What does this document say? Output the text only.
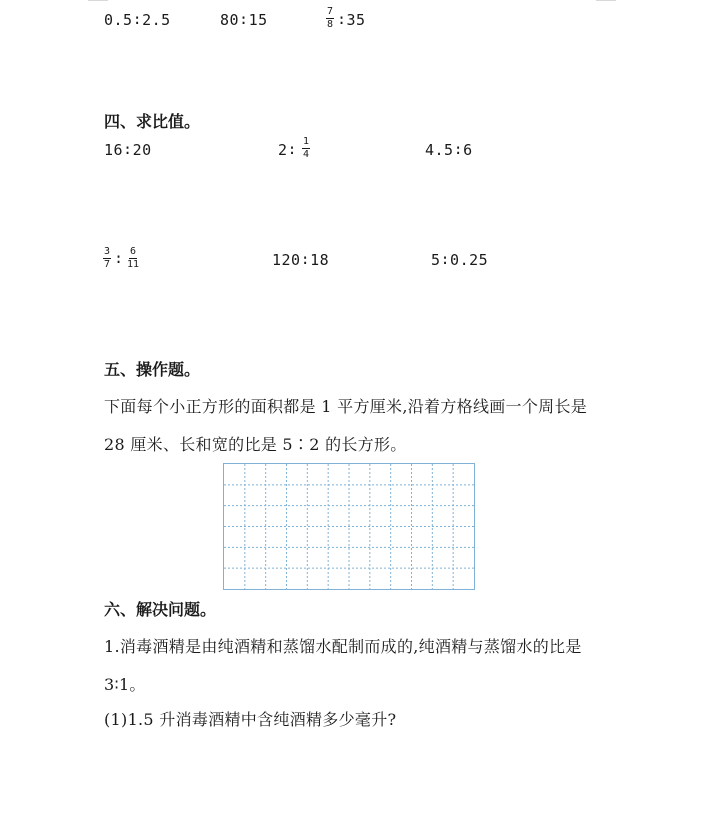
0.5∶2.5	80∶15	$\frac{7}{8}$ ∶35
四、求比值。
16∶20	2∶ $\frac{1}{4}$	4.5∶6
$\frac{3}{7}$ ∶ $\frac{6}{11}$	120∶18	5∶0.25
五、操作题。
下面每个小正方形的面积都是 1 平方厘米,沿着方格线画一个周长是
28 厘米、长和宽的比是 5∶2 的长方形。
六、解决问题。
1.消毒酒精是由纯酒精和蒸馏水配制而成的,纯酒精与蒸馏水的比是
3∶1。
(1)1.5 升消毒酒精中含纯酒精多少毫升?
